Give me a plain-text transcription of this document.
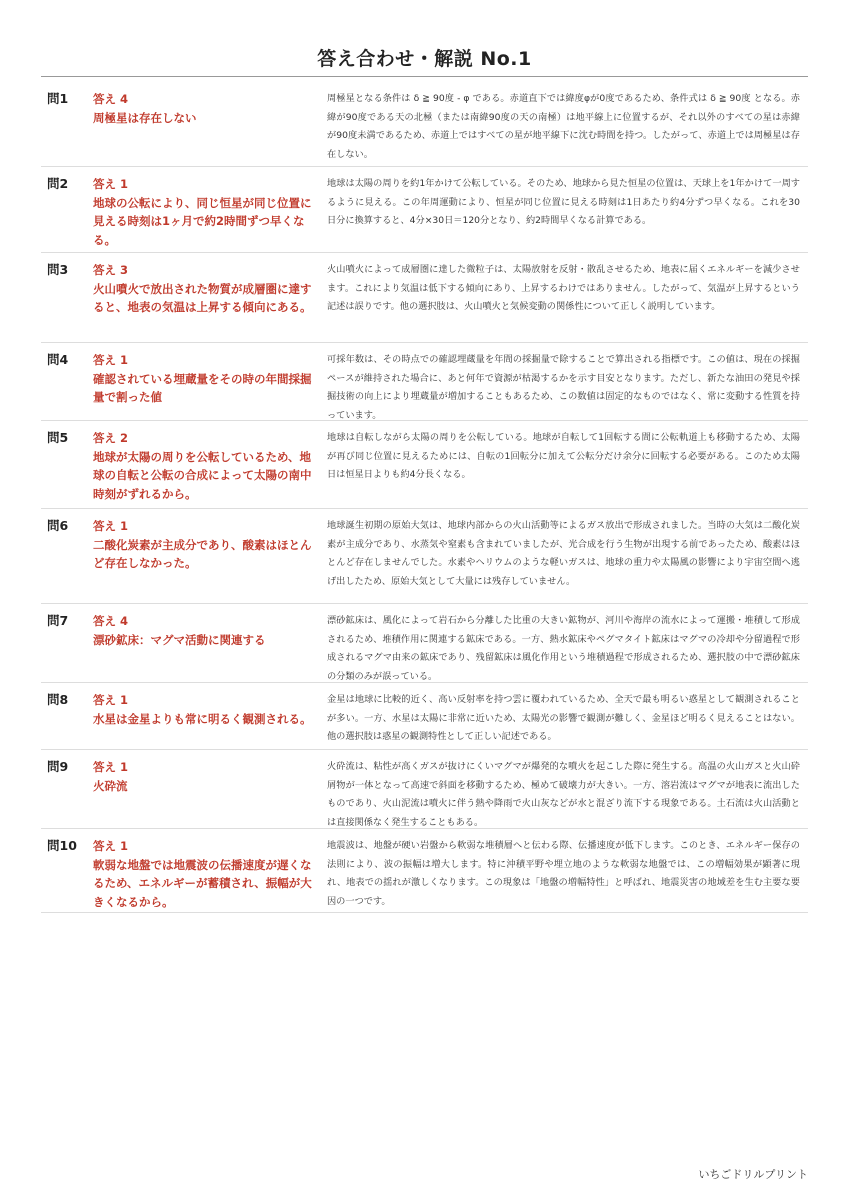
答え合わせ・解説 No.1
問1	答え 4
周極星は存在しない
周極星となる条件は δ ≧ 90度 - φ である。赤道直下では緯度φが0度であるため、条件式は δ ≧ 90度 となる。赤緯が90度である天の北極（または南緯90度の天の南極）は地平線上に位置するが、それ以外のすべての星は赤緯が90度未満であるため、赤道上ではすべての星が地平線下に沈む時間を持つ。したがって、赤道上では周極星は存在しない。
問2	答え 1
地球の公転により、同じ恒星が同じ位置に見える時刻は1ヶ月で約2時間ずつ早くなる。
地球は太陽の周りを約1年かけて公転している。そのため、地球から見た恒星の位置は、天球上を1年かけて一周するように見える。この年周運動により、恒星が同じ位置に見える時刻は1日あたり約4分ずつ早くなる。これを30日分に換算すると、4分×30日＝120分となり、約2時間早くなる計算である。
問3	答え 3
火山噴火で放出された物質が成層圏に達すると、地表の気温は上昇する傾向にある。
火山噴火によって成層圏に達した微粒子は、太陽放射を反射・散乱させるため、地表に届くエネルギーを減少させます。これにより気温は低下する傾向にあり、上昇するわけではありません。したがって、気温が上昇するという記述は誤りです。他の選択肢は、火山噴火と気候変動の関係性について正しく説明しています。
問4	答え 1
確認されている埋蔵量をその時の年間採掘量で割った値
可採年数は、その時点での確認埋蔵量を年間の採掘量で除することで算出される指標です。この値は、現在の採掘ペースが維持された場合に、あと何年で資源が枯渇するかを示す目安となります。ただし、新たな油田の発見や採掘技術の向上により埋蔵量が増加することもあるため、この数値は固定的なものではなく、常に変動する性質を持っています。
問5	答え 2
地球が太陽の周りを公転しているため、地球の自転と公転の合成によって太陽の南中時刻がずれるから。
地球は自転しながら太陽の周りを公転している。地球が自転して1回転する間に公転軌道上も移動するため、太陽が再び同じ位置に見えるためには、自転の1回転分に加えて公転分だけ余分に回転する必要がある。このため太陽日は恒星日よりも約4分長くなる。
問6	答え 1
二酸化炭素が主成分であり、酸素はほとんど存在しなかった。
地球誕生初期の原始大気は、地球内部からの火山活動等によるガス放出で形成されました。当時の大気は二酸化炭素が主成分であり、水蒸気や窒素も含まれていましたが、光合成を行う生物が出現する前であったため、酸素はほとんど存在しませんでした。水素やヘリウムのような軽いガスは、地球の重力や太陽風の影響により宇宙空間へ逃げ出したため、原始大気として大量には残存していません。
問7	答え 4
漂砂鉱床：マグマ活動に関連する
漂砂鉱床は、風化によって岩石から分離した比重の大きい鉱物が、河川や海岸の流水によって運搬・堆積して形成されるため、堆積作用に関連する鉱床である。一方、熱水鉱床やペグマタイト鉱床はマグマの冷却や分留過程で形成されるマグマ由来の鉱床であり、残留鉱床は風化作用という堆積過程で形成されるため、選択肢の中で漂砂鉱床の分類のみが誤っている。
問8	答え 1
水星は金星よりも常に明るく観測される。
金星は地球に比較的近く、高い反射率を持つ雲に覆われているため、全天で最も明るい惑星として観測されることが多い。一方、水星は太陽に非常に近いため、太陽光の影響で観測が難しく、金星ほど明るく見えることはない。他の選択肢は惑星の観測特性として正しい記述である。
問9	答え 1
火砕流
火砕流は、粘性が高くガスが抜けにくいマグマが爆発的な噴火を起こした際に発生する。高温の火山ガスと火山砕屑物が一体となって高速で斜面を移動するため、極めて破壊力が大きい。一方、溶岩流はマグマが地表に流出したものであり、火山泥流は噴火に伴う熱や降雨で火山灰などが水と混ざり流下する現象である。土石流は火山活動とは直接関係なく発生することもある。
問10	答え 1
軟弱な地盤では地震波の伝播速度が遅くなるため、エネルギーが蓄積され、振幅が大きくなるから。
地震波は、地盤が硬い岩盤から軟弱な堆積層へと伝わる際、伝播速度が低下します。このとき、エネルギー保存の法則により、波の振幅は増大します。特に沖積平野や埋立地のような軟弱な地盤では、この増幅効果が顕著に現れ、地表での揺れが激しくなります。この現象は「地盤の増幅特性」と呼ばれ、地震災害の地域差を生む主要な要因の一つです。
いちごドリルプリント
